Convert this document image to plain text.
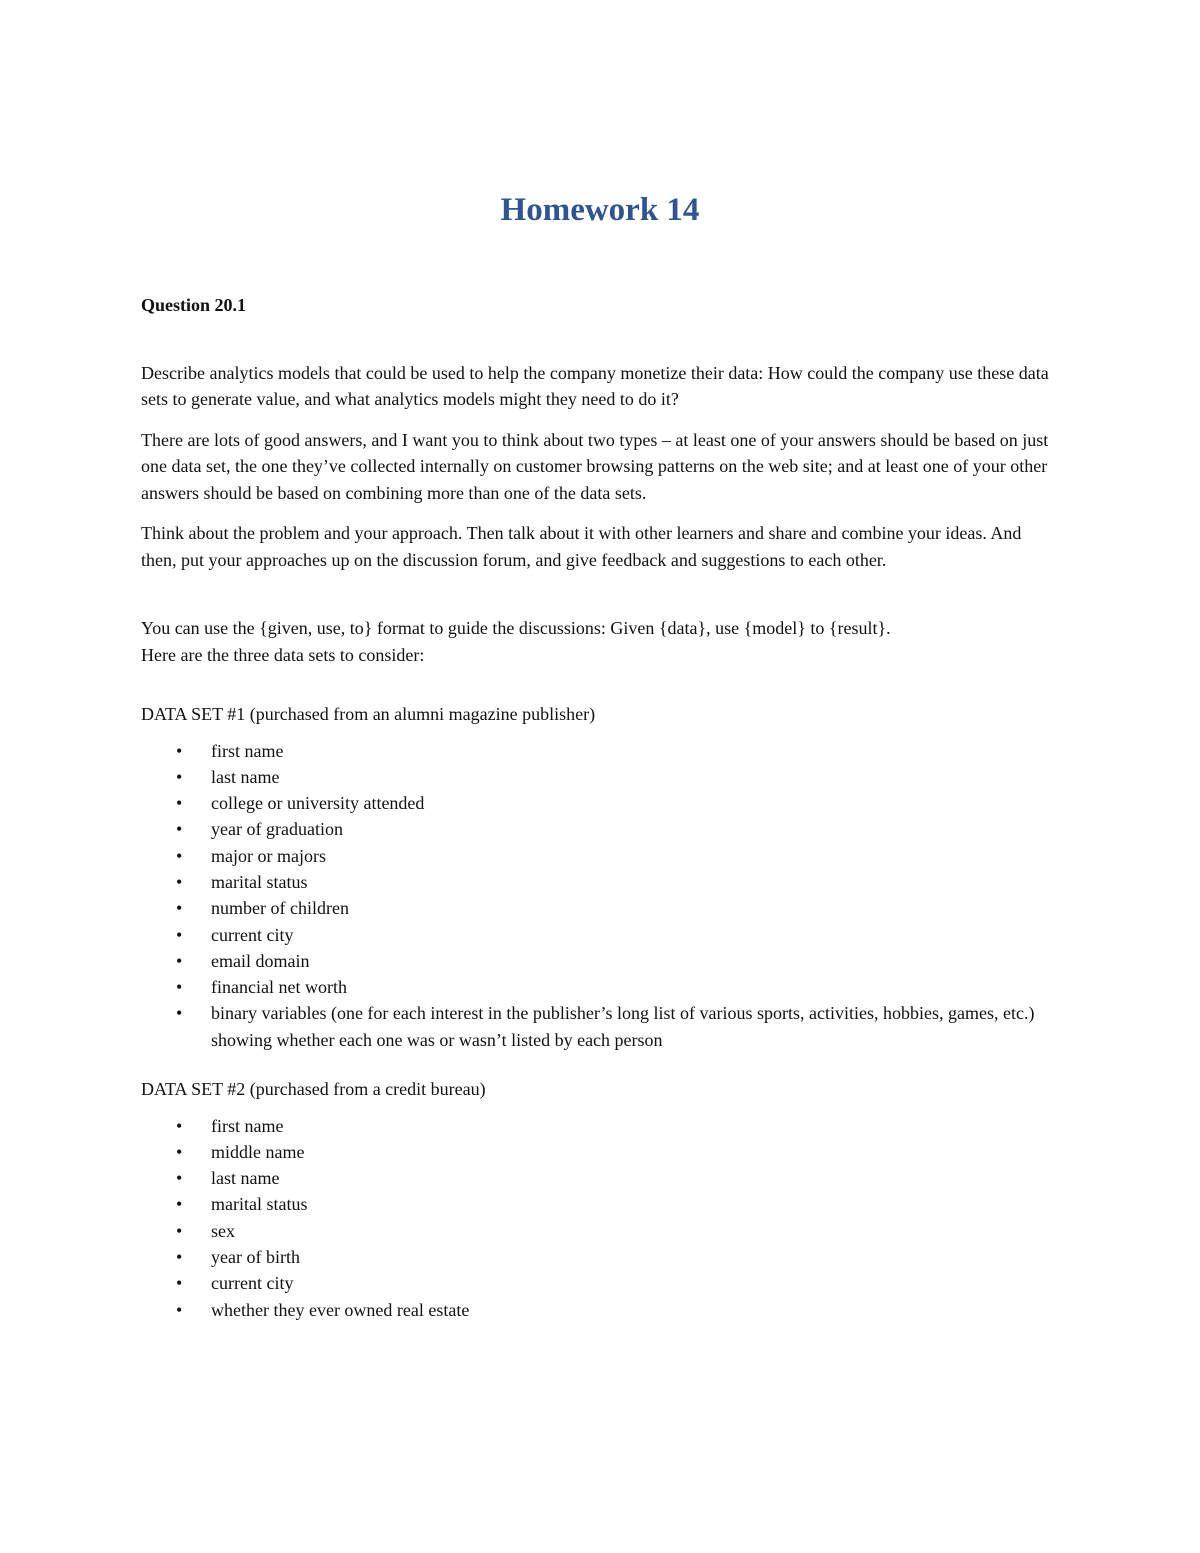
Homework 14
Question 20.1

Describe analytics models that could be used to help the company monetize their data: How could the company use these data sets to generate value, and what analytics models might they need to do it?

There are lots of good answers, and I want you to think about two types – at least one of your answers should be based on just one data set, the one they’ve collected internally on customer browsing patterns on the web site; and at least one of your other answers should be based on combining more than one of the data sets.

Think about the problem and your approach. Then talk about it with other learners and share and combine your ideas. And then, put your approaches up on the discussion forum, and give feedback and suggestions to each other.

You can use the {given, use, to} format to guide the discussions: Given {data}, use {model} to {result}.

Here are the three data sets to consider:

DATA SET #1 (purchased from an alumni magazine publisher)
•	first name
•	last name
•	college or university attended
•	year of graduation
•	major or majors
•	marital status
•	number of children
•	current city
•	email domain
•	financial net worth
•	binary variables (one for each interest in the publisher’s long list of various sports, activities, hobbies, games, etc.) showing whether each one was or wasn’t listed by each person
DATA SET #2 (purchased from a credit bureau)
•	first name
•	middle name
•	last name
•	marital status
•	sex
•	year of birth
•	current city
•	whether they ever owned real estate
